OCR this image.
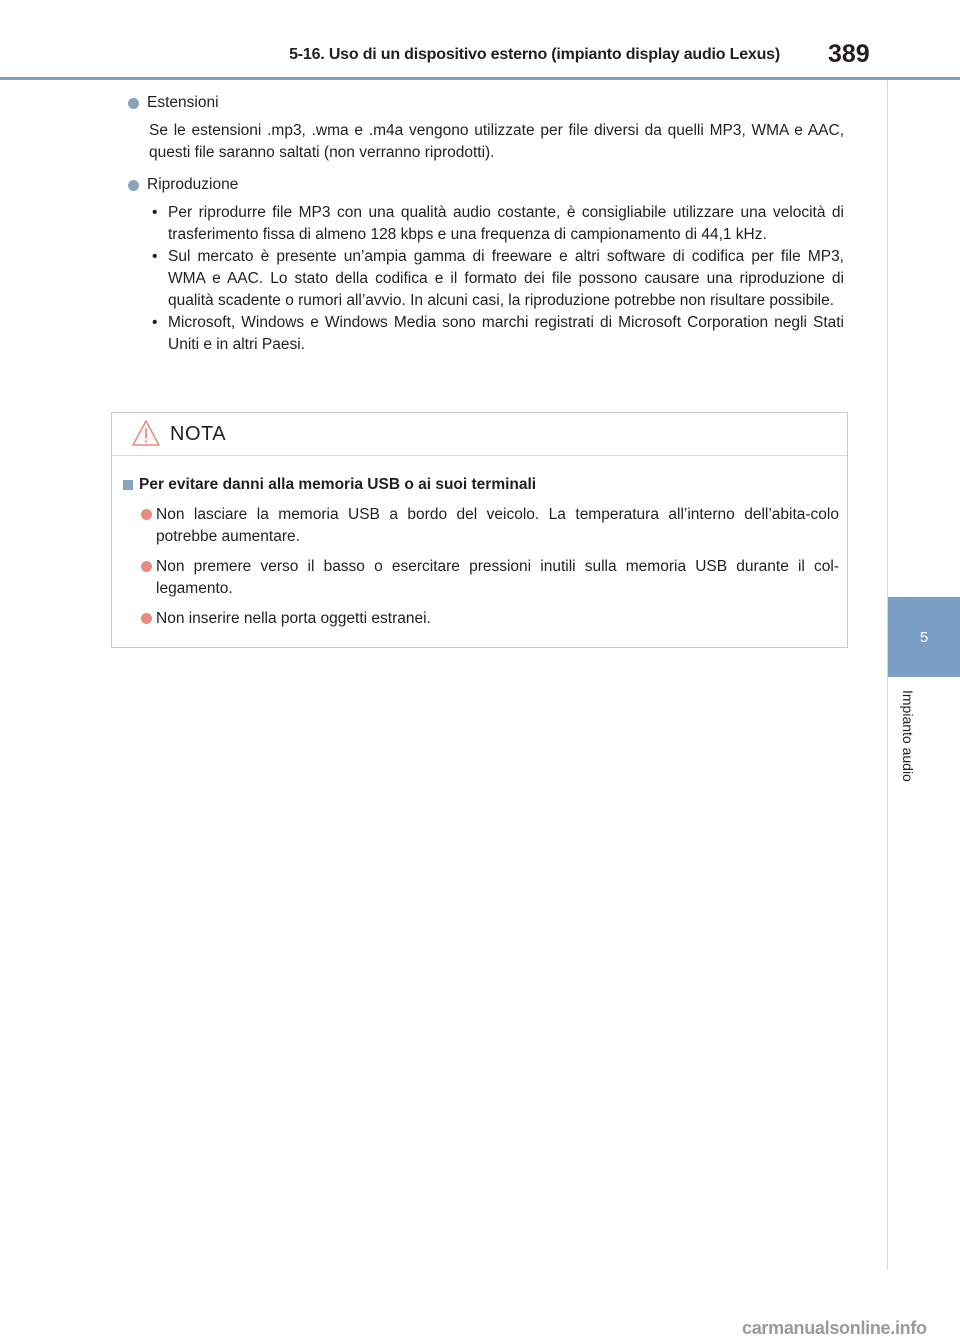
5-16. Uso di un dispositivo esterno (impianto display audio Lexus) 389
5
Impianto audio

Estensioni

Se le estensioni .mp3, .wma e .m4a vengono utilizzate per file diversi da quelli MP3, WMA e AAC, questi file saranno saltati (non verranno riprodotti).

Riproduzione

• Per riprodurre file MP3 con una qualità audio costante, è consigliabile utilizzare una velocità di trasferimento fissa di almeno 128 kbps e una frequenza di campionamento di 44,1 kHz.
• Sul mercato è presente un’ampia gamma di freeware e altri software di codifica per file MP3, WMA e AAC. Lo stato della codifica e il formato dei file possono causare una riproduzione di qualità scadente o rumori all’avvio. In alcuni casi, la riproduzione potrebbe non risultare possibile.
• Microsoft, Windows e Windows Media sono marchi registrati di Microsoft Corporation negli Stati Uniti e in altri Paesi.
NOTA

Per evitare danni alla memoria USB o ai suoi terminali

Non lasciare la memoria USB a bordo del veicolo. La temperatura all’interno dell’abita-colo potrebbe aumentare.
Non premere verso il basso o esercitare pressioni inutili sulla memoria USB durante il col-legamento.
Non inserire nella porta oggetti estranei.
carmanualsonline.info
